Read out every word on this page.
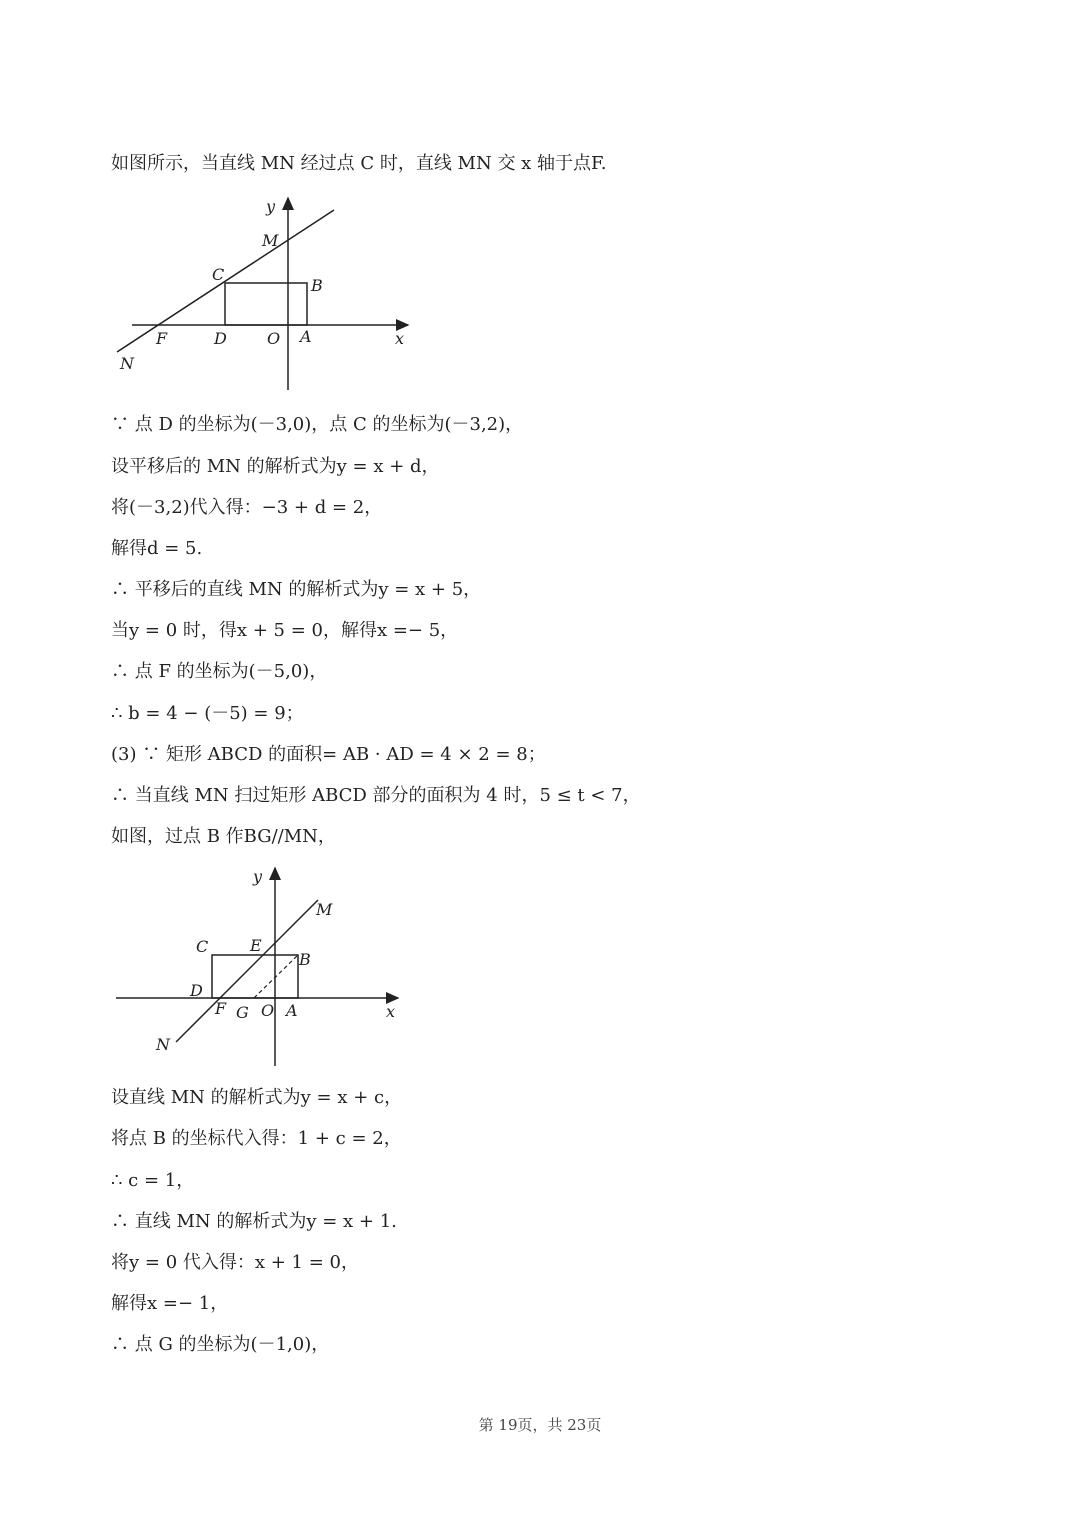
如图所示，当直线 MN 经过点 C 时，直线 MN 交 x 轴于点F.
y
M
C
B
F	D	O A	x
N
∵ 点 D 的坐标为(－3,0)，点 C 的坐标为(－3,2)，
设平移后的 MN 的解析式为y = x + d，
将(－3,2)代入得：−3 + d = 2，
解得d = 5.
∴ 平移后的直线 MN 的解析式为y = x + 5，
当y = 0 时，得x + 5 = 0，解得x =− 5，
∴ 点 F 的坐标为(－5,0)，
∴ b = 4 − (－5) = 9；
(3) ∵ 矩形 ABCD 的面积= AB · AD = 4 × 2 = 8；
∴ 当直线 MN 扫过矩形 ABCD 部分的面积为 4 时，5 ≤ t < 7，
如图，过点 B 作BG//MN，
y
M
C	E
B
D
F G O A	x
N
设直线 MN 的解析式为y = x + c，
将点 B 的坐标代入得：1 + c = 2，
∴ c = 1，
∴ 直线 MN 的解析式为y = x + 1.
将y = 0 代入得：x + 1 = 0，
解得x =− 1，
∴ 点 G 的坐标为(－1,0)，
第 19页，共 23页
